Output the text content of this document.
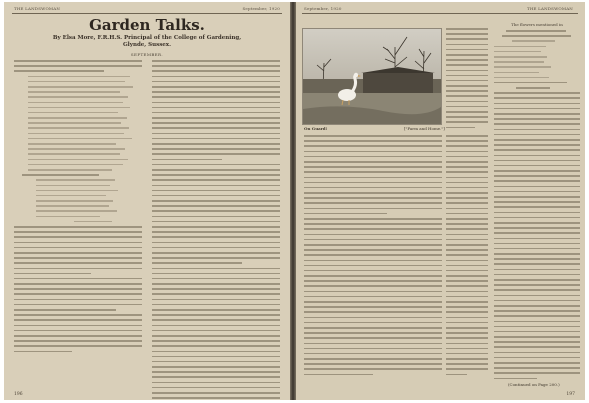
THE LANDSWOMAN	September, 1920
Garden Talks.
By Elsa More, F.R.H.S. Principal of the College of Gardening,
Glynde, Sussex.
SEPTEMBER.
196
September, 1920	THE LANDSWOMAN
On Guard!	["Farm and Home."]
The flowers mentioned in
(Continued on Page 200.)
197
